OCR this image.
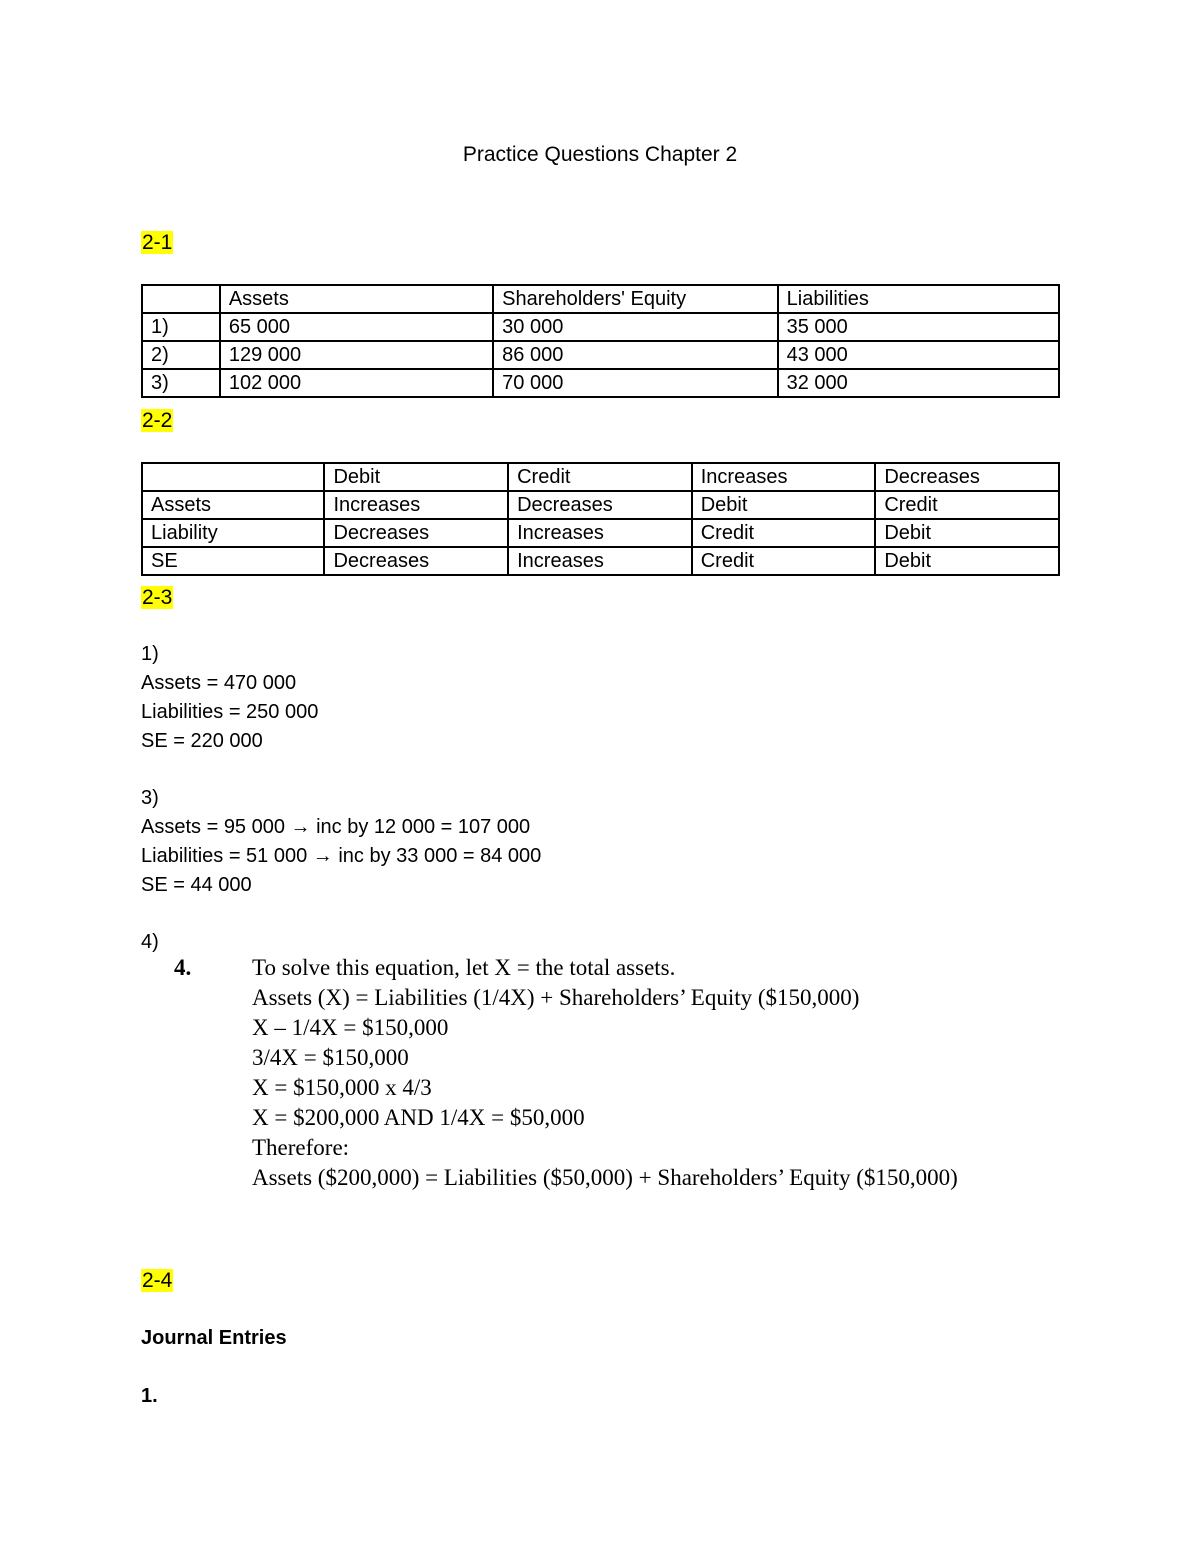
Practice Questions Chapter 2
2-1
	Assets	Shareholders' Equity	Liabilities
1)	65 000	30 000	35 000
2)	129 000	86 000	43 000
3)	102 000	70 000	32 000
2-2
	Debit	Credit	Increases	Decreases
Assets	Increases	Decreases	Debit	Credit
Liability	Decreases	Increases	Credit	Debit
SE	Decreases	Increases	Credit	Debit
2-3
1)
Assets = 470 000
Liabilities = 250 000
SE = 220 000
3)
Assets = 95 000 → inc by 12 000 = 107 000
Liabilities = 51 000 → inc by 33 000 = 84 000
SE = 44 000
4)
4.	To solve this equation, let X = the total assets.
Assets (X) = Liabilities (1/4X) + Shareholders’ Equity ($150,000)
X – 1/4X = $150,000
3/4X = $150,000
X = $150,000 x 4/3
X = $200,000 AND 1/4X = $50,000
Therefore:
Assets ($200,000) = Liabilities ($50,000) + Shareholders’ Equity ($150,000)
2-4
Journal Entries
1.
